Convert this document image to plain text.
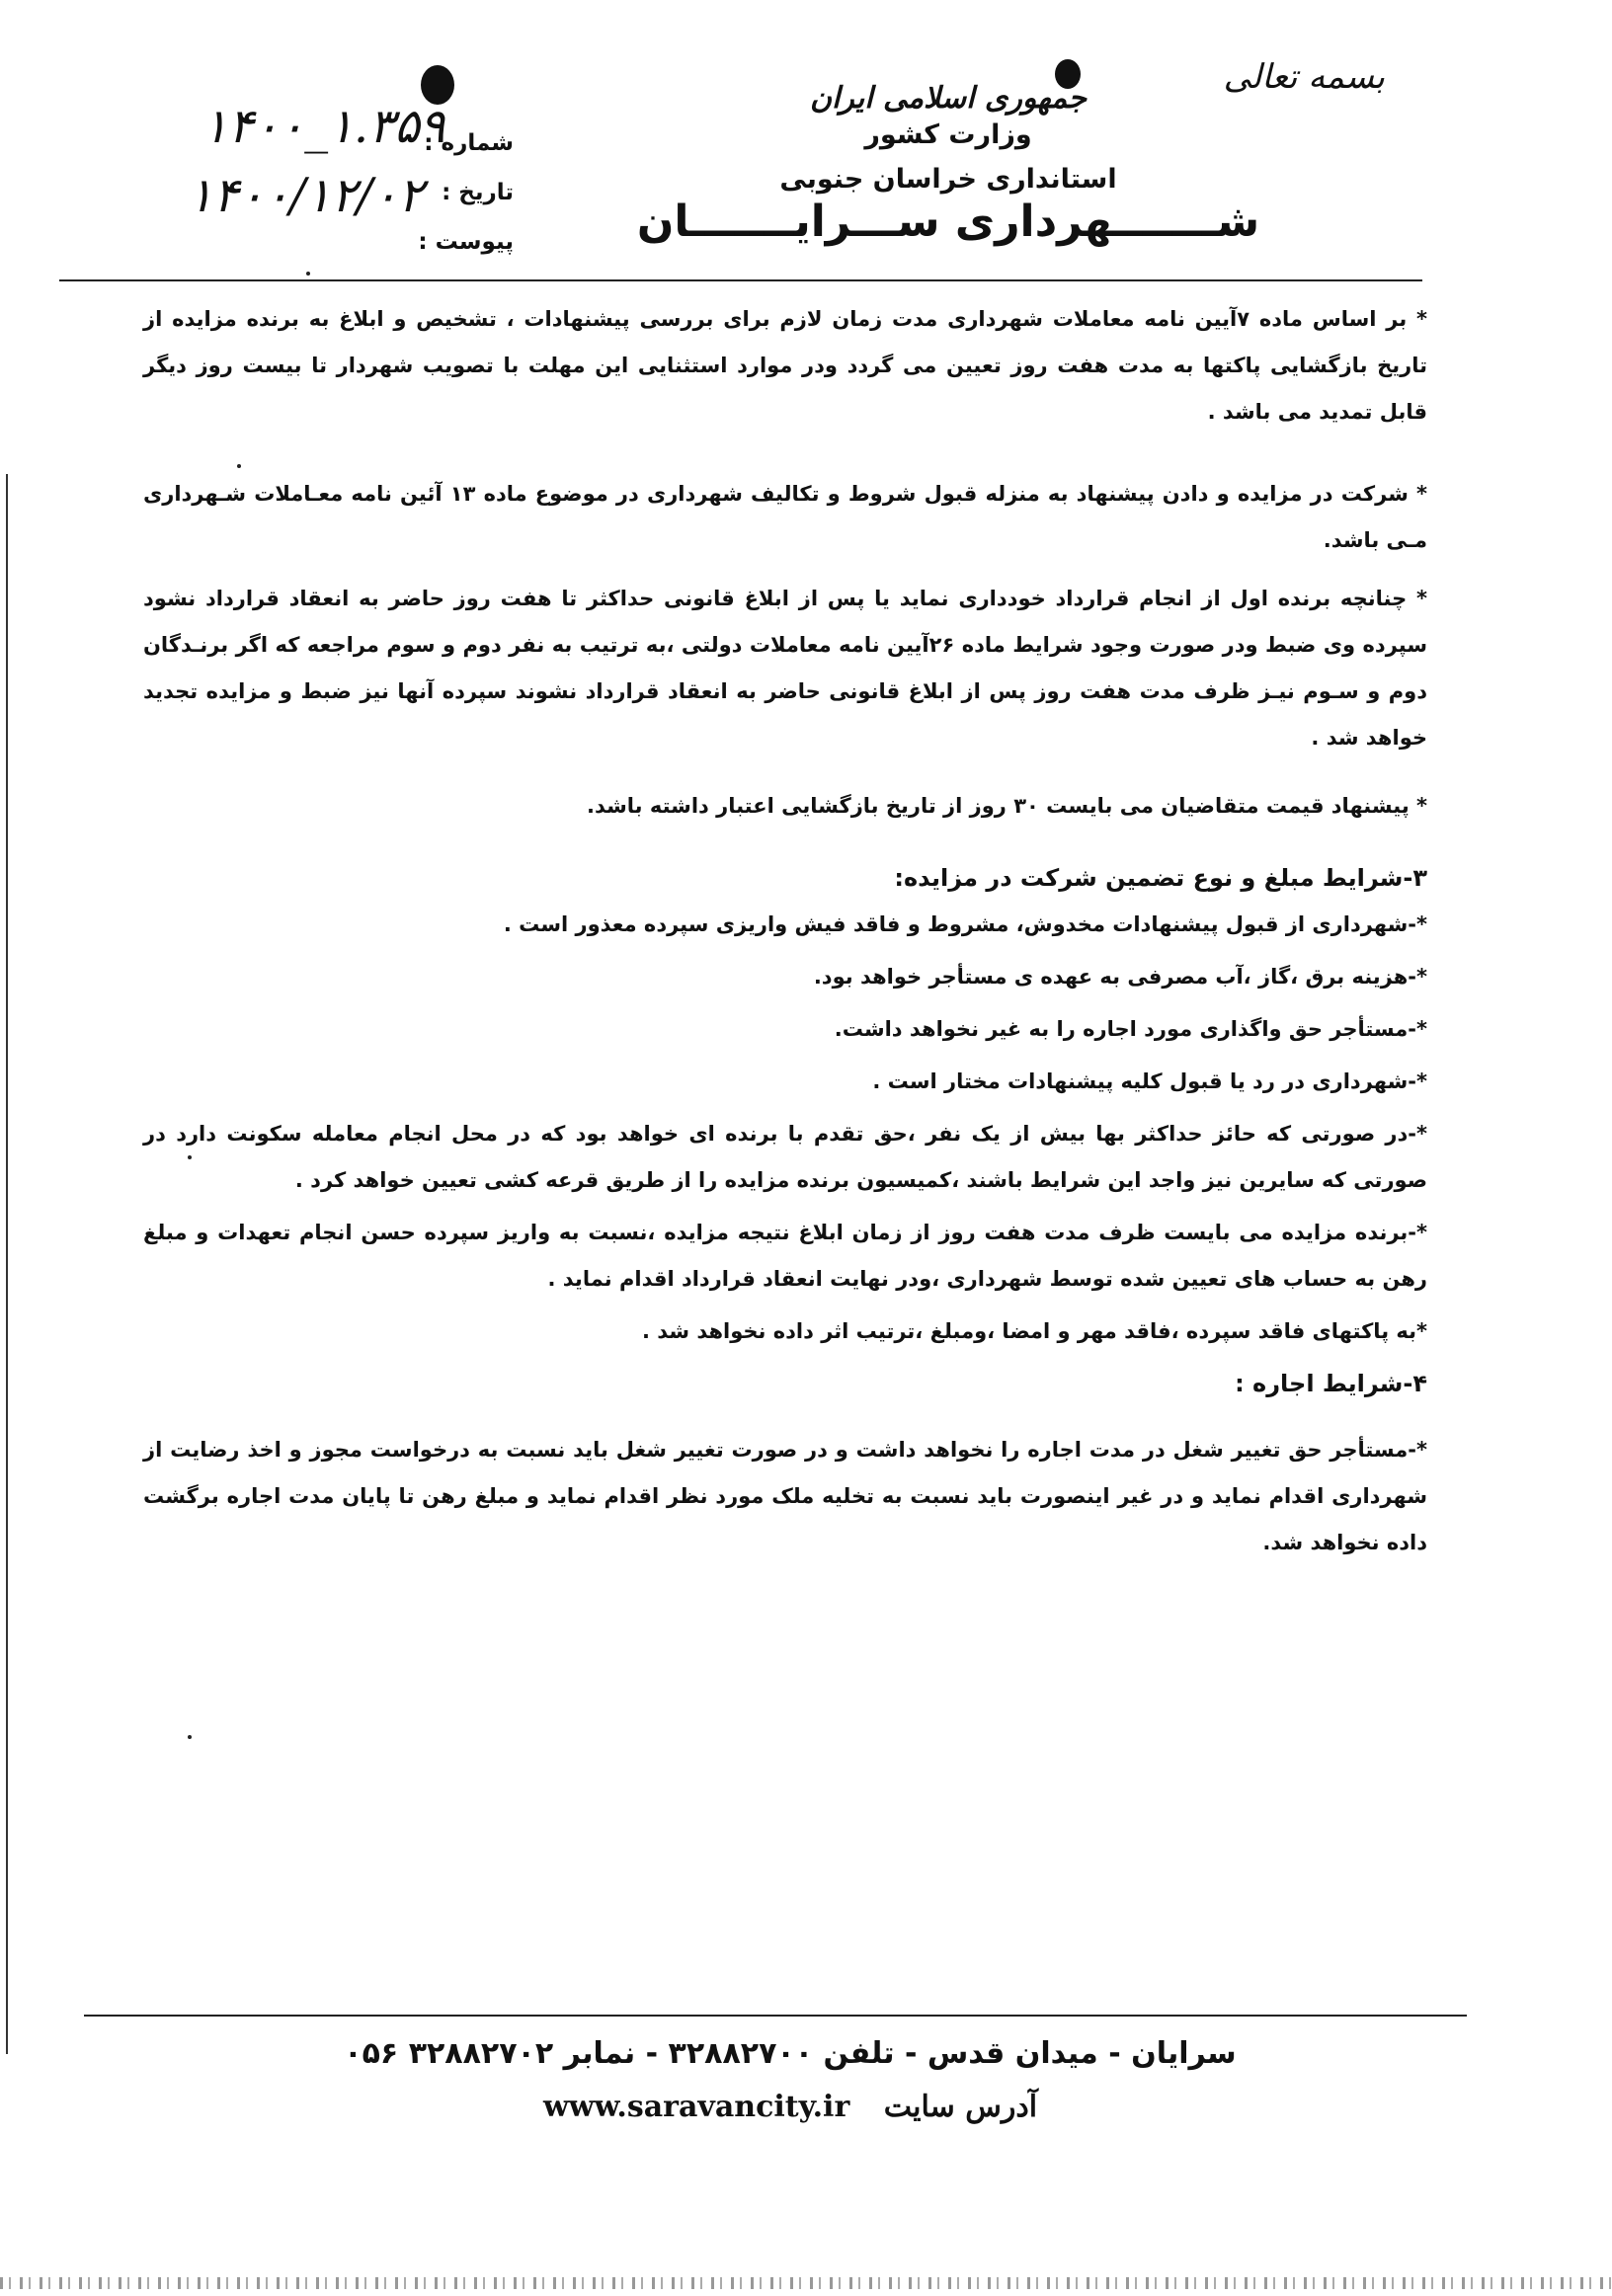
بسمه تعالی
جمهوری اسلامی ایران
وزارت کشور
استانداری خراسان جنوبی
شـــــــهرداری ســـرایـــــــان
شماره :
تاریخ :
پیوست :
۱۴۰۰_۱.۳۵۹
۱۴۰۰/۱۲/۰۲

* بر اساس ماده ۷آیین نامه معاملات شهرداری مدت زمان لازم برای بررسی پیشنهادات ، تشخیص و ابلاغ به برنده مزایده از تاریخ بازگشایی پاکتها به مدت هفت روز تعیین می گردد ودر موارد استثنایی این مهلت با تصویب شهردار تا بیست روز دیگر قابل تمدید می باشد .

* شرکت در مزایده و دادن پیشنهاد به منزله قبول شروط و تکالیف شهرداری در موضوع ماده ۱۳ آئین نامه معـاملات شـهرداری مـی باشد.

* چنانچه برنده اول از انجام قرارداد خودداری نماید یا پس از ابلاغ قانونی حداکثر تا هفت روز حاضر به انعقاد قرارداد نشود سپرده وی ضبط ودر صورت وجود شرایط ماده ۲۶آیین نامه معاملات دولتی ،به ترتیب به نفر دوم و سوم مراجعه که اگر برنـدگان دوم و سـوم نیـز ظرف مدت هفت روز پس از ابلاغ قانونی حاضر به انعقاد قرارداد نشوند سپرده آنها نیز ضبط و مزایده تجدید خواهد شد .

* پیشنهاد قیمت متقاضیان می بایست ۳۰ روز از تاریخ بازگشایی اعتبار داشته باشد.

۳-شرایط مبلغ و نوع تضمین شرکت در مزایده:

*-شهرداری از قبول پیشنهادات مخدوش، مشروط و فاقد فیش واریزی سپرده معذور است .

*-هزینه برق ،گاز ،آب مصرفی به عهده ی مستأجر خواهد بود.

*-مستأجر حق واگذاری مورد اجاره را به غیر نخواهد داشت.

*-شهرداری در رد یا قبول کلیه پیشنهادات مختار است .

*-در صورتی که حائز حداکثر بها بیش از یک نفر ،حق تقدم با برنده ای خواهد بود که در محل انجام معامله سکونت دارد در صورتی که سایرین نیز واجد این شرایط باشند ،کمیسیون برنده مزایده را از طریق قرعه کشی تعیین خواهد کرد .

*-برنده مزایده می بایست ظرف مدت هفت روز از زمان ابلاغ نتیجه مزایده ،نسبت به واریز سپرده حسن انجام تعهدات و مبلغ رهن به حساب های تعیین شده توسط شهرداری ،ودر نهایت انعقاد قرارداد اقدام نماید .

*به پاکتهای فاقد سپرده ،فاقد مهر و امضا ،ومبلغ ،ترتیب اثر داده نخواهد شد .

۴-شرایط اجاره :

*-مستأجر حق تغییر شغل در مدت اجاره را نخواهد داشت و در صورت تغییر شغل باید نسبت به درخواست مجوز و اخذ رضایت از شهرداری اقدام نماید و در غیر اینصورت باید نسبت به تخلیه ملک مورد نظر اقدام نماید و مبلغ رهن تا پایان مدت اجاره برگشت داده نخواهد شد.

سرایان - میدان قدس - تلفن ۳۲۸۸۲۷۰۰ - نمابر ۳۲۸۸۲۷۰۲ ۰۵۶
www.saravancity.ir آدرس سایت
